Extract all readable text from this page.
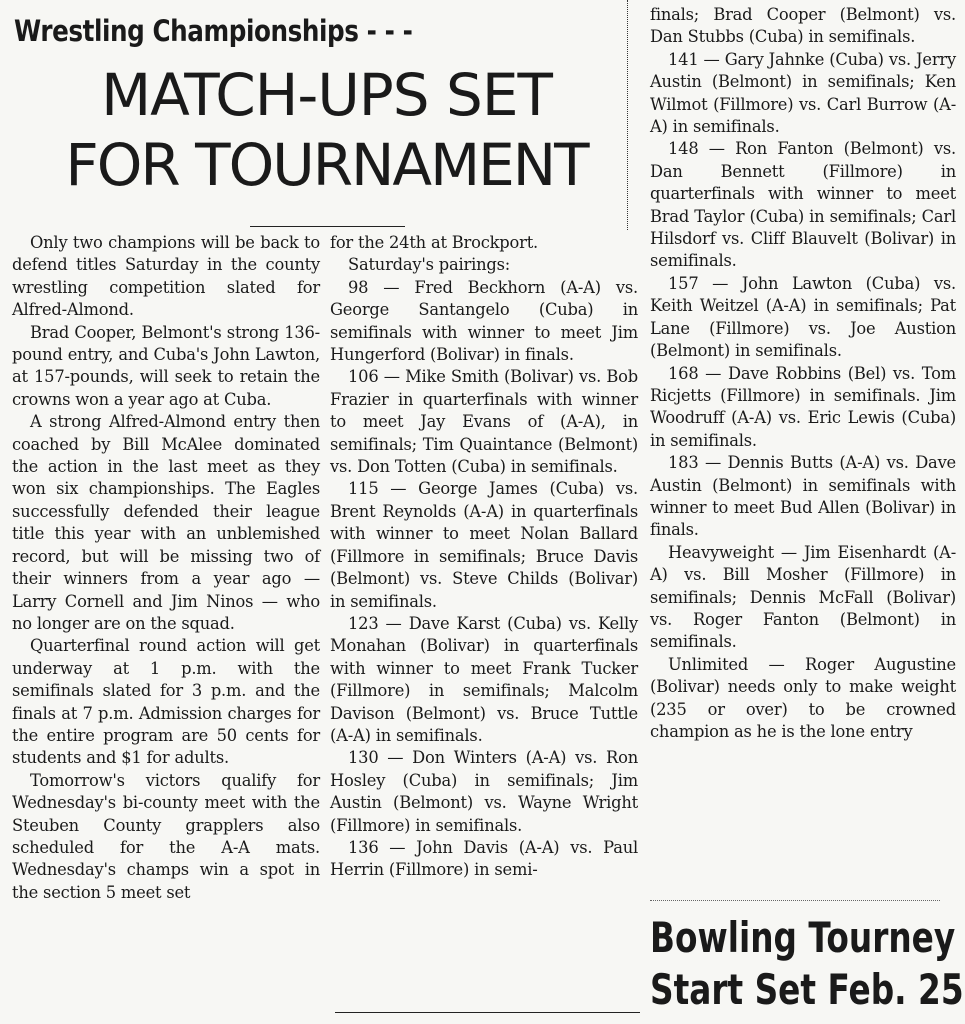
Wrestling Championships - - -
MATCH-UPS SET
FOR TOURNAMENT

Only two champions will be back to defend titles Saturday in the county wrestling competition slated for Alfred-Almond.

Brad Cooper, Belmont's strong 136-pound entry, and Cuba's John Lawton, at 157-pounds, will seek to retain the crowns won a year ago at Cuba.

A strong Alfred-Almond entry then coached by Bill McAlee dominated the action in the last meet as they won six championships. The Eagles successfully defended their league title this year with an unblemished record, but will be missing two of their winners from a year ago — Larry Cornell and Jim Ninos — who no longer are on the squad.

Quarterfinal round action will get underway at 1 p.m. with the semifinals slated for 3 p.m. and the finals at 7 p.m. Admission charges for the entire program are 50 cents for students and $1 for adults.

Tomorrow's victors qualify for Wednesday's bi-county meet with the Steuben County grapplers also scheduled for the A-A mats. Wednesday's champs win a spot in the section 5 meet set

for the 24th at Brockport.

Saturday's pairings:

98 — Fred Beckhorn (A-A) vs. George Santangelo (Cuba) in semifinals with winner to meet Jim Hungerford (Bolivar) in finals.

106 — Mike Smith (Bolivar) vs. Bob Frazier in quarterfinals with winner to meet Jay Evans of (A-A), in semifinals; Tim Quaintance (Belmont) vs. Don Totten (Cuba) in semifinals.

115 — George James (Cuba) vs. Brent Reynolds (A-A) in quarterfinals with winner to meet Nolan Ballard (Fillmore in semifinals; Bruce Davis (Belmont) vs. Steve Childs (Bolivar) in semifinals.

123 — Dave Karst (Cuba) vs. Kelly Monahan (Bolivar) in quarterfinals with winner to meet Frank Tucker (Fillmore) in semifinals; Malcolm Davison (Belmont) vs. Bruce Tuttle (A-A) in semifinals.

130 — Don Winters (A-A) vs. Ron Hosley (Cuba) in semifinals; Jim Austin (Belmont) vs. Wayne Wright (Fillmore) in semifinals.

136 — John Davis (A-A) vs. Paul Herrin (Fillmore) in semi-

finals; Brad Cooper (Belmont) vs. Dan Stubbs (Cuba) in semifinals.

141 — Gary Jahnke (Cuba) vs. Jerry Austin (Belmont) in semifinals; Ken Wilmot (Fillmore) vs. Carl Burrow (A-A) in semifinals.

148 — Ron Fanton (Belmont) vs. Dan Bennett (Fillmore) in quarterfinals with winner to meet Brad Taylor (Cuba) in semifinals; Carl Hilsdorf vs. Cliff Blauvelt (Bolivar) in semifinals.

157 — John Lawton (Cuba) vs. Keith Weitzel (A-A) in semifinals; Pat Lane (Fillmore) vs. Joe Austion (Belmont) in semifinals.

168 — Dave Robbins (Bel) vs. Tom Ricjetts (Fillmore) in semifinals. Jim Woodruff (A-A) vs. Eric Lewis (Cuba) in semifinals.

183 — Dennis Butts (A-A) vs. Dave Austin (Belmont) in semifinals with winner to meet Bud Allen (Bolivar) in finals.

Heavyweight — Jim Eisenhardt (A-A) vs. Bill Mosher (Fillmore) in semifinals; Dennis McFall (Bolivar) vs. Roger Fanton (Belmont) in semifinals.

Unlimited — Roger Augustine (Bolivar) needs only to make weight (235 or over) to be crowned champion as he is the lone entry

Bowling Tourney
Start Set Feb. 25
